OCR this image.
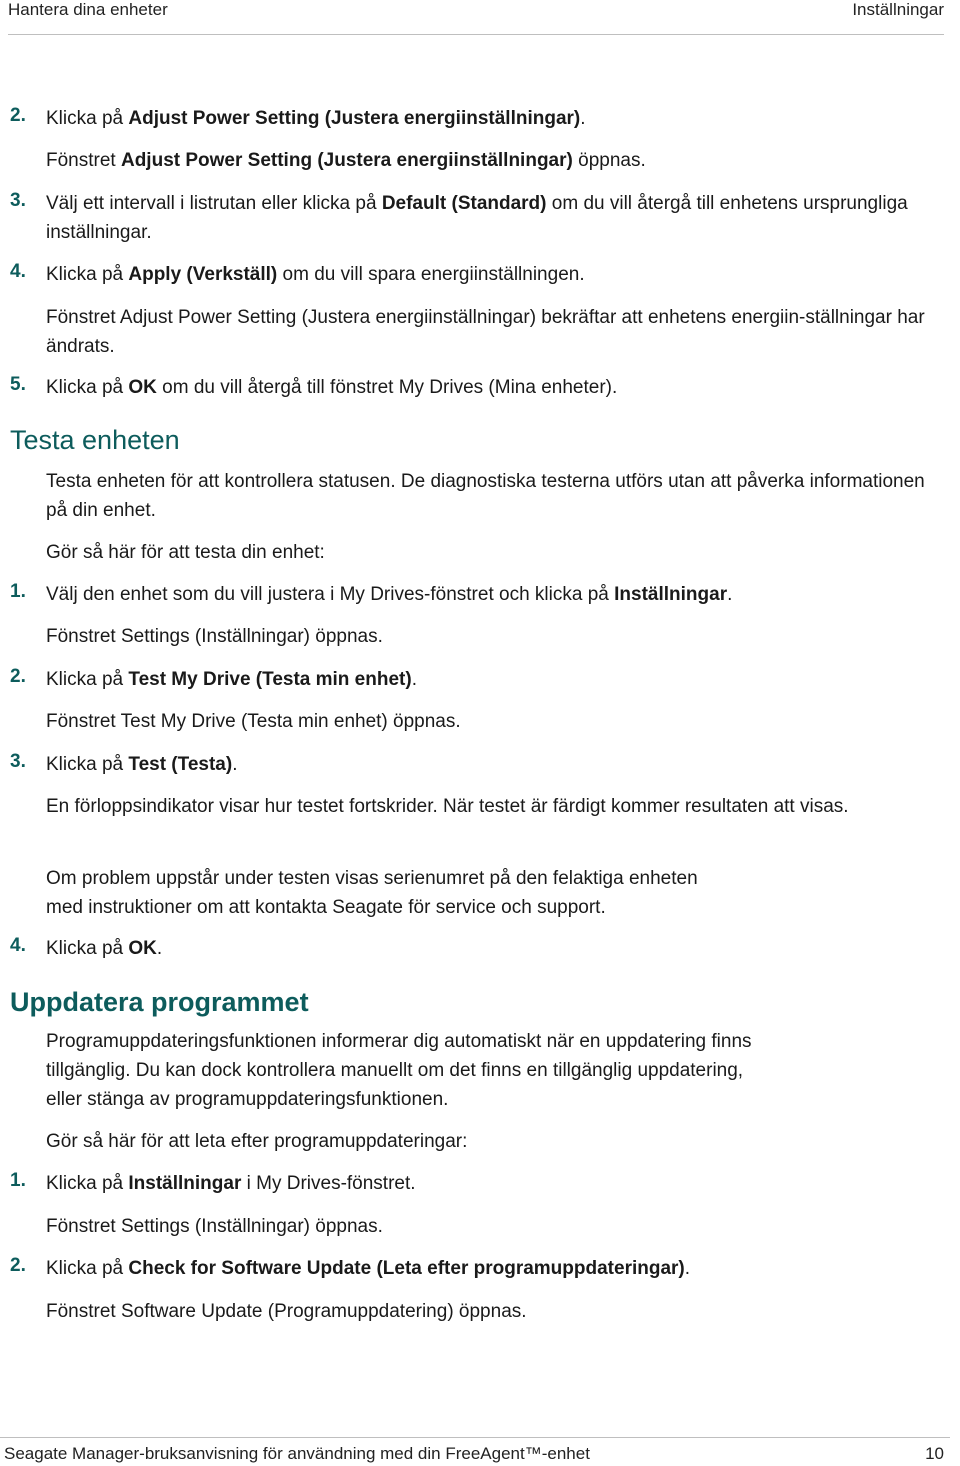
Hantera dina enheter	Inställningar
2. Klicka på Adjust Power Setting (Justera energiinställningar).
Fönstret Adjust Power Setting (Justera energiinställningar) öppnas.
3. Välj ett intervall i listrutan eller klicka på Default (Standard) om du vill återgå till enhetens ursprungliga inställningar.
4. Klicka på Apply (Verkställ) om du vill spara energiinställningen.
Fönstret Adjust Power Setting (Justera energiinställningar) bekräftar att enhetens energiin-ställningar har ändrats.
5. Klicka på OK om du vill återgå till fönstret My Drives (Mina enheter).
Testa enheten
Testa enheten för att kontrollera statusen. De diagnostiska testerna utförs utan att påverka informationen på din enhet.
Gör så här för att testa din enhet:
1. Välj den enhet som du vill justera i My Drives-fönstret och klicka på Inställningar.
Fönstret Settings (Inställningar) öppnas.
2. Klicka på Test My Drive (Testa min enhet).
Fönstret Test My Drive (Testa min enhet) öppnas.
3. Klicka på Test (Testa).
En förloppsindikator visar hur testet fortskrider. När testet är färdigt kommer resultaten att visas.
Om problem uppstår under testen visas serienumret på den felaktiga enheten
med instruktioner om att kontakta Seagate för service och support.
4. Klicka på OK.
Uppdatera programmet
Programuppdateringsfunktionen informerar dig automatiskt när en uppdatering finns
tillgänglig. Du kan dock kontrollera manuellt om det finns en tillgänglig uppdatering,
eller stänga av programuppdateringsfunktionen.
Gör så här för att leta efter programuppdateringar:
1. Klicka på Inställningar i My Drives-fönstret.
Fönstret Settings (Inställningar) öppnas.
2. Klicka på Check for Software Update (Leta efter programuppdateringar).
Fönstret Software Update (Programuppdatering) öppnas.
Seagate Manager-bruksanvisning för användning med din FreeAgent™-enhet	10
